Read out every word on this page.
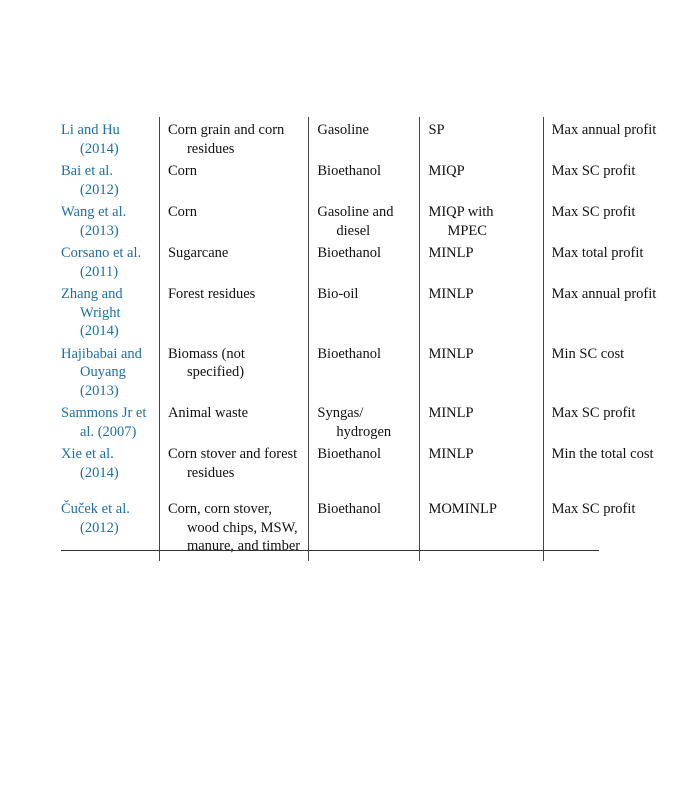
Li and Hu (2014)	Corn grain and corn residues	Gasoline	SP	Max annual profit

Bai et al. (2012)	Corn	Bioethanol	MIQP	Max SC profit

Wang et al. (2013)	Corn	Gasoline and diesel	MIQP with MPEC	Max SC profit

Corsano et al. (2011)	Sugarcane	Bioethanol	MINLP	Max total profit

Zhang and Wright (2014)	Forest residues	Bio-oil	MINLP	Max annual profit

Hajibabai and Ouyang (2013)	Biomass (not specified)	Bioethanol	MINLP	Min SC cost

Sammons Jr et al. (2007)	Animal waste	Syngas/ hydrogen	MINLP	Max SC profit

Xie et al. (2014)	Corn stover and forest residues	Bioethanol	MINLP	Min the total cost

Čuček et al. (2012)	Corn, corn stover, wood chips, MSW, manure, and timber	Bioethanol	MOMINLP	Max SC profit
